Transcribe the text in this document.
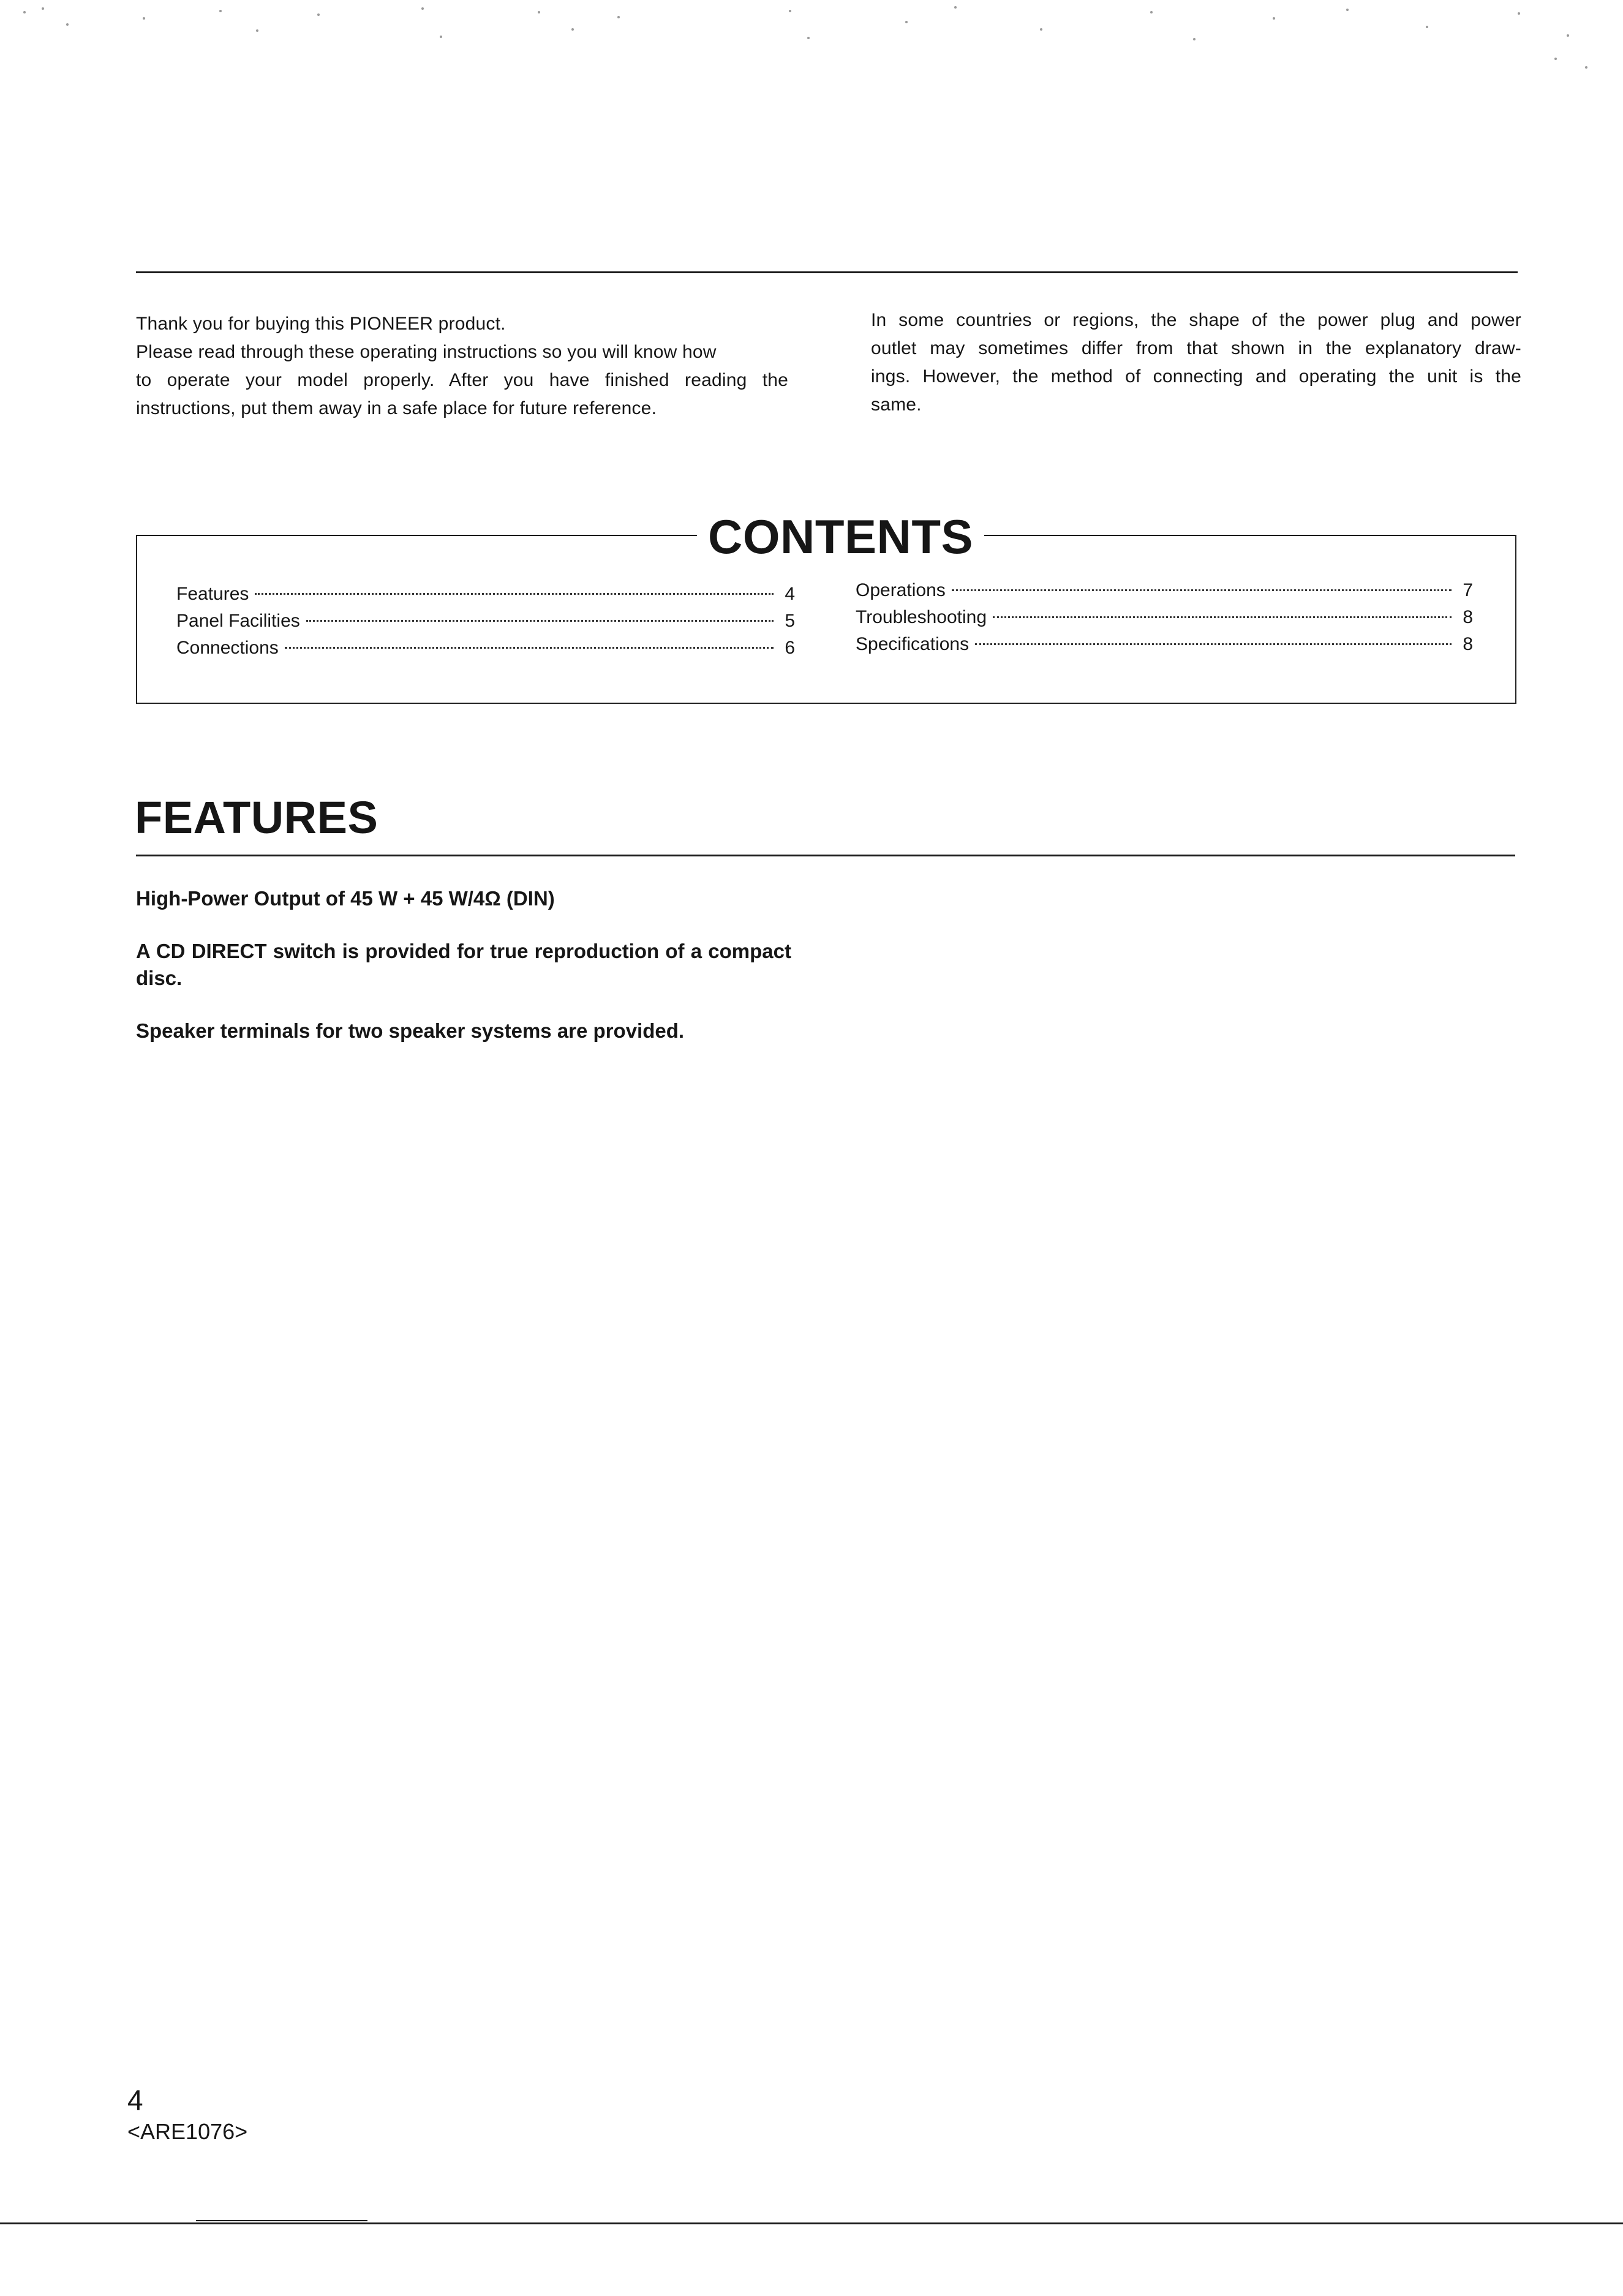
Thank you for buying this PIONEER product.

Please read through these operating instructions so you will know how

to operate your model properly. After you have finished reading the

instructions, put them away in a safe place for future reference.

In some countries or regions, the shape of the power plug and power

outlet may sometimes differ from that shown in the explanatory draw-

ings. However, the method of connecting and operating the unit is the

same.

CONTENTS
Features	4
Panel Facilities	5
Connections	6
Operations	7
Troubleshooting	8
Specifications	8
FEATURES

High-Power Output of 45 W + 45 W/4Ω (DIN)

A CD DIRECT switch is provided for true reproduction of a compact disc.

Speaker terminals for two speaker systems are provided.

4
<ARE1076>
